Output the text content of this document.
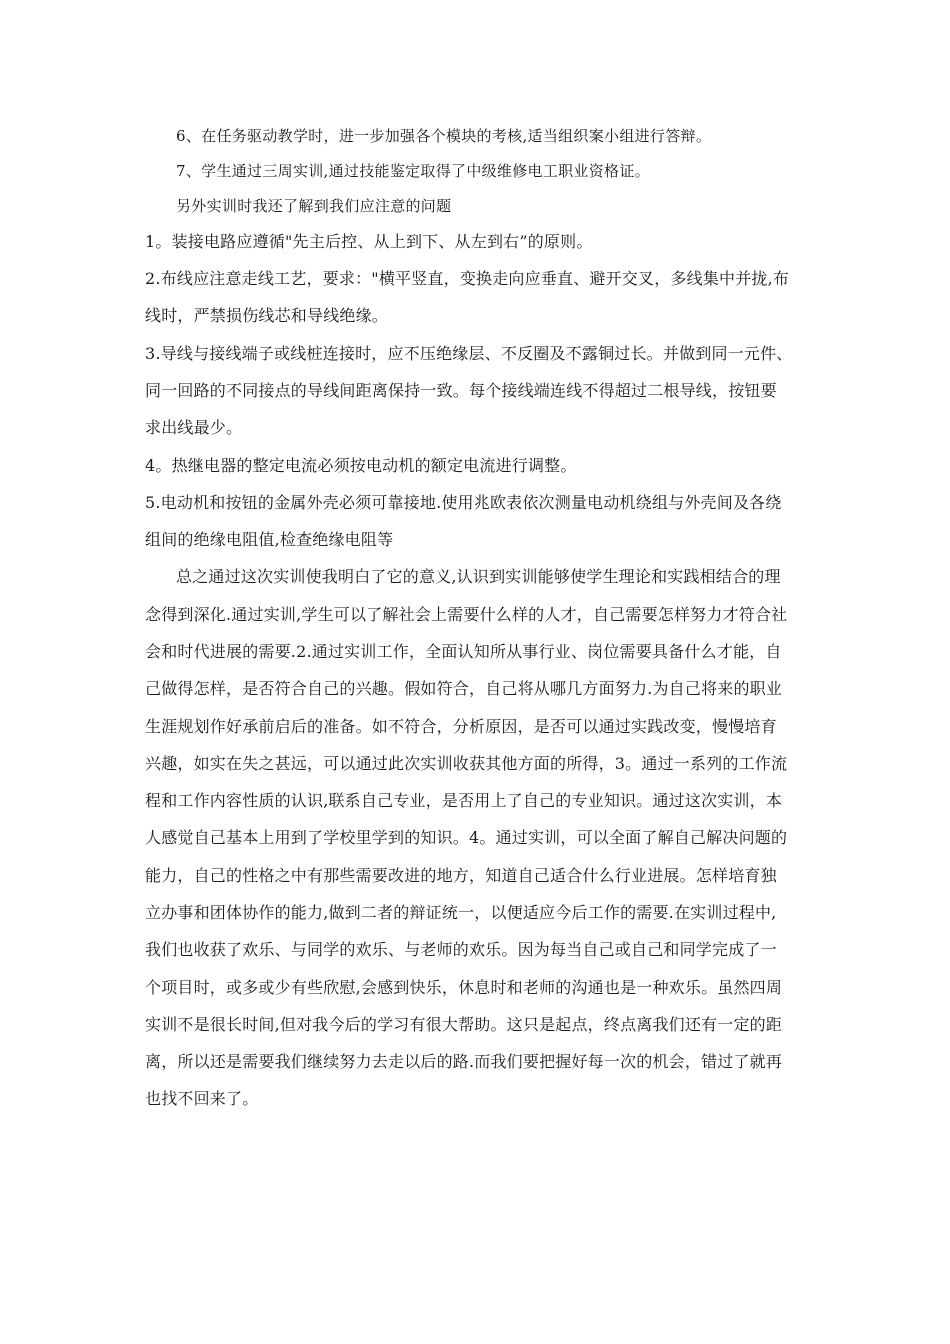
6、在任务驱动教学时，进一步加强各个模块的考核,适当组织案小组进行答辩。
7、学生通过三周实训,通过技能鉴定取得了中级维修电工职业资格证。
另外实训时我还了解到我们应注意的问题
1。装接电路应遵循"先主后控、从上到下、从左到右”的原则。
2.布线应注意走线工艺，要求："横平竖直，变换走向应垂直、避开交叉，多线集中并拢,布
线时，严禁损伤线芯和导线绝缘。
3.导线与接线端子或线桩连接时，应不压绝缘层、不反圈及不露铜过长。并做到同一元件、
同一回路的不同接点的导线间距离保持一致。每个接线端连线不得超过二根导线，按钮要
求出线最少。
4。热继电器的整定电流必须按电动机的额定电流进行调整。
5.电动机和按钮的金属外壳必须可靠接地.使用兆欧表依次测量电动机绕组与外壳间及各绕
组间的绝缘电阻值,检查绝缘电阻等
总之通过这次实训使我明白了它的意义,认识到实训能够使学生理论和实践相结合的理
念得到深化.通过实训,学生可以了解社会上需要什么样的人才，自己需要怎样努力才符合社
会和时代进展的需要.2.通过实训工作，全面认知所从事行业、岗位需要具备什么才能，自
己做得怎样，是否符合自己的兴趣。假如符合，自己将从哪几方面努力.为自己将来的职业
生涯规划作好承前启后的准备。如不符合，分析原因，是否可以通过实践改变，慢慢培育
兴趣，如实在失之甚远，可以通过此次实训收获其他方面的所得，3。通过一系列的工作流
程和工作内容性质的认识,联系自己专业，是否用上了自己的专业知识。通过这次实训，本
人感觉自己基本上用到了学校里学到的知识。4。通过实训，可以全面了解自己解决问题的
能力，自己的性格之中有那些需要改进的地方，知道自己适合什么行业进展。怎样培育独
立办事和团体协作的能力,做到二者的辩证统一，以便适应今后工作的需要.在实训过程中,
我们也收获了欢乐、与同学的欢乐、与老师的欢乐。因为每当自己或自己和同学完成了一
个项目时，或多或少有些欣慰,会感到快乐，休息时和老师的沟通也是一种欢乐。虽然四周
实训不是很长时间,但对我今后的学习有很大帮助。这只是起点，终点离我们还有一定的距
离，所以还是需要我们继续努力去走以后的路.而我们要把握好每一次的机会，错过了就再
也找不回来了。
